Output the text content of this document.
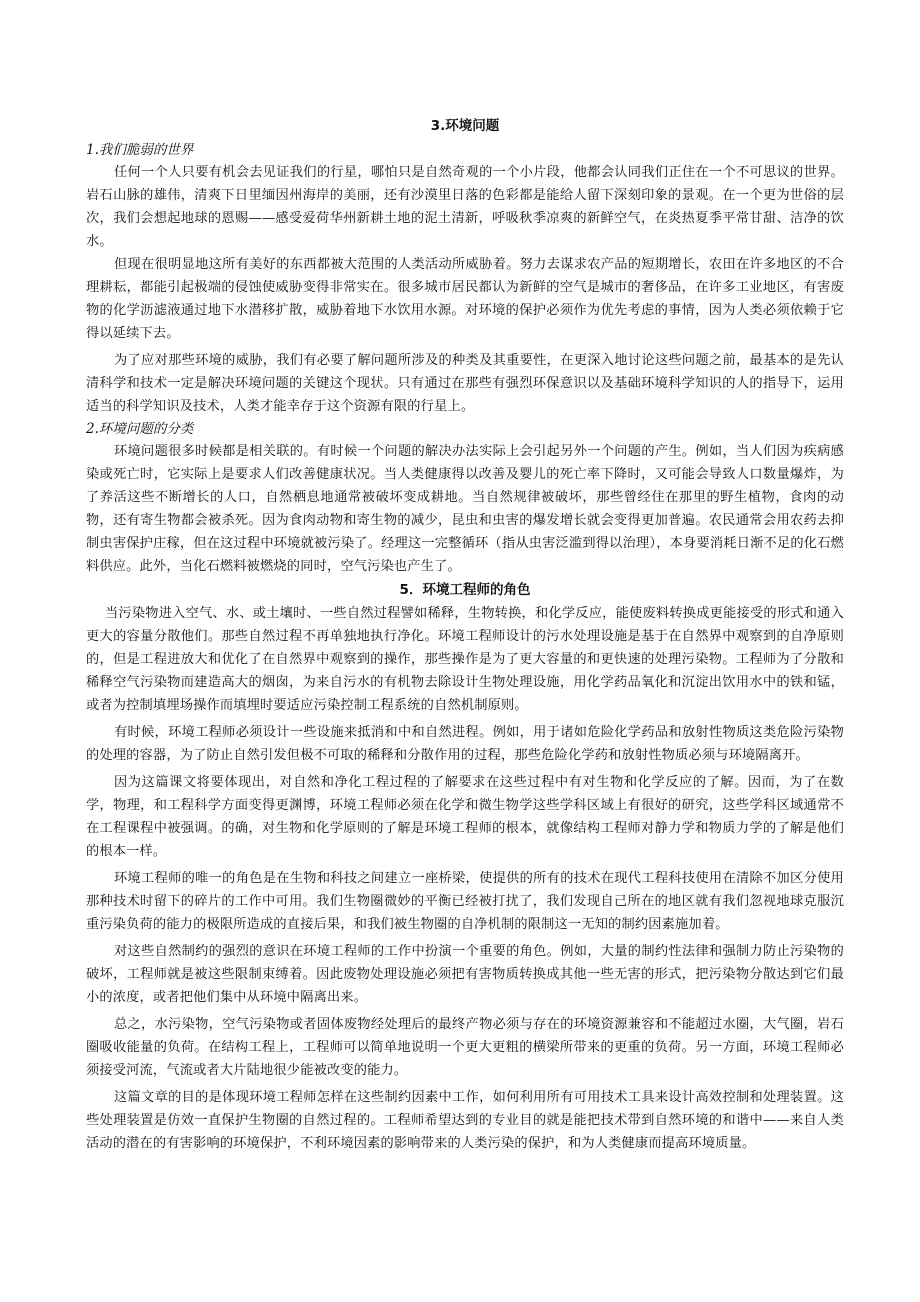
3.环境问题

1.我们脆弱的世界

任何一个人只要有机会去见证我们的行星，哪怕只是自然奇观的一个小片段，他都会认同我们正住在一个不可思议的世界。岩石山脉的雄伟，清爽下日里缅因州海岸的美丽，还有沙漠里日落的色彩都是能给人留下深刻印象的景观。在一个更为世俗的层次，我们会想起地球的恩赐——感受爱荷华州新耕土地的泥土清新，呼吸秋季凉爽的新鲜空气，在炎热夏季平常甘甜、洁净的饮水。

但现在很明显地这所有美好的东西都被大范围的人类活动所威胁着。努力去谋求农产品的短期增长，农田在许多地区的不合理耕耘，都能引起极端的侵蚀使威胁变得非常实在。很多城市居民都认为新鲜的空气是城市的奢侈品，在许多工业地区，有害废物的化学沥滤液通过地下水潜移扩散，威胁着地下水饮用水源。对环境的保护必须作为优先考虑的事情，因为人类必须依赖于它得以延续下去。

为了应对那些环境的威胁，我们有必要了解问题所涉及的种类及其重要性，在更深入地讨论这些问题之前，最基本的是先认清科学和技术一定是解决环境问题的关键这个现状。只有通过在那些有强烈环保意识以及基础环境科学知识的人的指导下，运用适当的科学知识及技术，人类才能幸存于这个资源有限的行星上。

2.环境问题的分类

环境问题很多时候都是相关联的。有时候一个问题的解决办法实际上会引起另外一个问题的产生。例如，当人们因为疾病感染或死亡时，它实际上是要求人们改善健康状况。当人类健康得以改善及婴儿的死亡率下降时，又可能会导致人口数量爆炸，为了养活这些不断增长的人口，自然栖息地通常被破坏变成耕地。当自然规律被破坏，那些曾经住在那里的野生植物，食肉的动物，还有寄生物都会被杀死。因为食肉动物和寄生物的减少，昆虫和虫害的爆发增长就会变得更加普遍。农民通常会用农药去抑制虫害保护庄稼，但在这过程中环境就被污染了。经理这一完整循环（指从虫害泛滥到得以治理），本身要消耗日渐不足的化石燃料供应。此外，当化石燃料被燃烧的同时，空气污染也产生了。

5．环境工程师的角色

当污染物进入空气、水、或土壤时、一些自然过程譬如稀释，生物转换，和化学反应，能使废料转换成更能接受的形式和通入更大的容量分散他们。那些自然过程不再单独地执行净化。环境工程师设计的污水处理设施是基于在自然界中观察到的自净原则的，但是工程进放大和优化了在自然界中观察到的操作，那些操作是为了更大容量的和更快速的处理污染物。工程师为了分散和稀释空气污染物而建造高大的烟囱，为来自污水的有机物去除设计生物处理设施，用化学药品氧化和沉淀出饮用水中的铁和锰，或者为控制填埋场操作而填埋时要适应污染控制工程系统的自然机制原则。

有时候，环境工程师必须设计一些设施来抵消和中和自然进程。例如，用于诸如危险化学药品和放射性物质这类危险污染物的处理的容器，为了防止自然引发但极不可取的稀释和分散作用的过程，那些危险化学药和放射性物质必须与环境隔离开。

因为这篇课文将要体现出，对自然和净化工程过程的了解要求在这些过程中有对生物和化学反应的了解。因而，为了在数学，物理，和工程科学方面变得更渊博，环境工程师必须在化学和微生物学这些学科区域上有很好的研究，这些学科区域通常不在工程课程中被强调。的确，对生物和化学原则的了解是环境工程师的根本，就像结构工程师对静力学和物质力学的了解是他们的根本一样。

环境工程师的唯一的角色是在生物和科技之间建立一座桥梁，使提供的所有的技术在现代工程科技使用在清除不加区分使用那种技术时留下的碎片的工作中可用。我们生物圈微妙的平衡已经被打扰了，我们发现自己所在的地区就有我们忽视地球克服沉重污染负荷的能力的极限所造成的直接后果，和我们被生物圈的自净机制的限制这一无知的制约因素施加着。

对这些自然制约的强烈的意识在环境工程师的工作中扮演一个重要的角色。例如，大量的制约性法律和强制力防止污染物的破坏，工程师就是被这些限制束缚着。因此废物处理设施必须把有害物质转换成其他一些无害的形式，把污染物分散达到它们最小的浓度，或者把他们集中从环境中隔离出来。

总之，水污染物，空气污染物或者固体废物经处理后的最终产物必须与存在的环境资源兼容和不能超过水圈，大气圈，岩石圈吸收能量的负荷。在结构工程上，工程师可以简单地说明一个更大更粗的横梁所带来的更重的负荷。另一方面，环境工程师必须接受河流，气流或者大片陆地很少能被改变的能力。

这篇文章的目的是体现环境工程师怎样在这些制约因素中工作，如何利用所有可用技术工具来设计高效控制和处理装置。这些处理装置是仿效一直保护生物圈的自然过程的。工程师希望达到的专业目的就是能把技术带到自然环境的和谐中——来自人类活动的潜在的有害影响的环境保护，不利环境因素的影响带来的人类污染的保护，和为人类健康而提高环境质量。
